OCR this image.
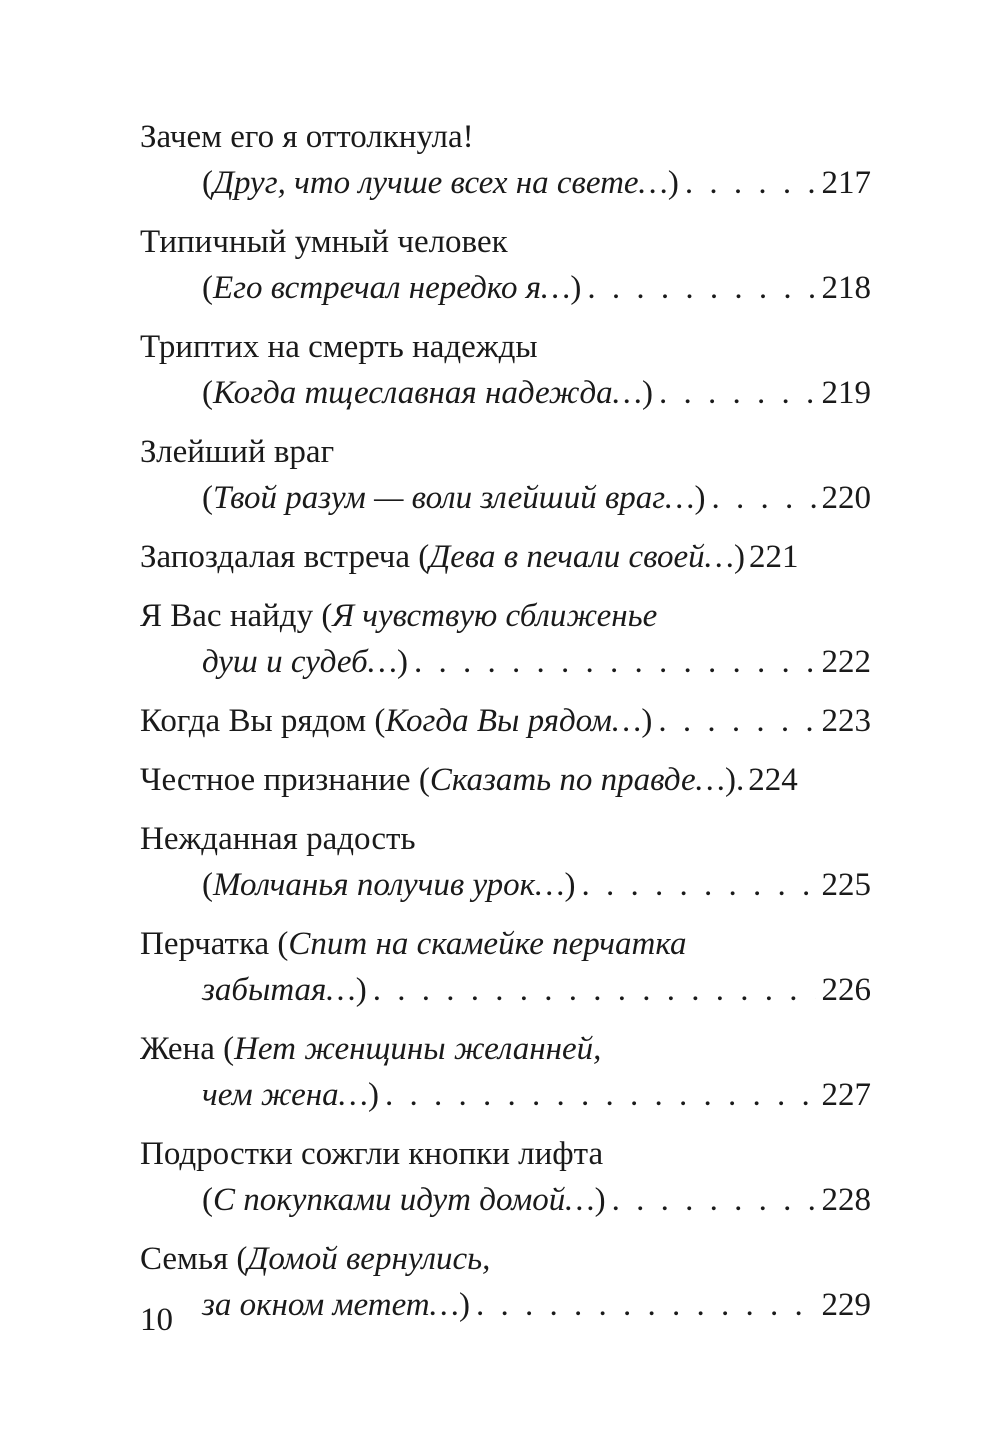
Зачем его я оттолкнула!
(Друг, что лучше всех на свете…) . . .	217
Типичный умный человек
(Его встречал нередко я…) . . .	218
Триптих на смерть надежды
(Когда тщеславная надежда…) . . .	219
Злейший враг
(Твой разум — воли злейший враг…) . . .	220
Запоздалая встреча (Дева в печали своей…) 221
Я Вас найду (Я чувствую сближенье
душ и судеб…) . . .	222
Когда Вы рядом (Когда Вы рядом…) . . .	223
Честное признание (Сказать по правде…). 224
Нежданная радость
(Молчанья получив урок…) . . .	225
Перчатка (Спит на скамейке перчатка
забытая…) . . .	226
Жена (Нет женщины желанней,
чем жена…) . . .	227
Подростки сожгли кнопки лифта
(С покупками идут домой…) . . .	228
Семья (Домой вернулись,
за окном метет…) . . .	229
10
